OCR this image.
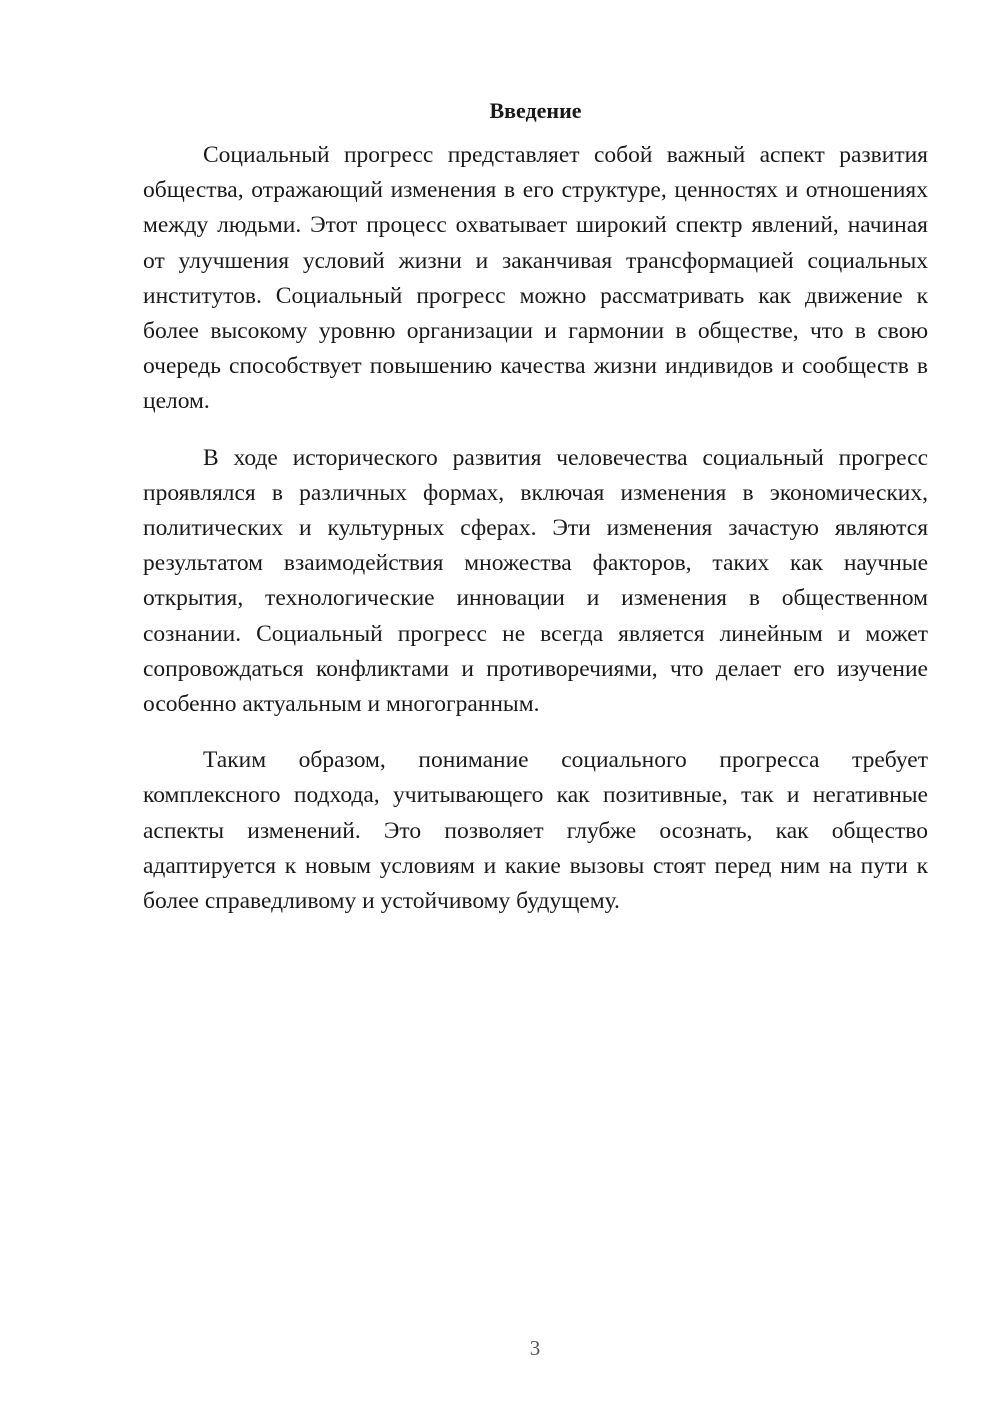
Введение

Социальный прогресс представляет собой важный аспект развития общества, отражающий изменения в его структуре, ценностях и отношениях между людьми. Этот процесс охватывает широкий спектр явлений, начиная от улучшения условий жизни и заканчивая трансформацией социальных институтов. Социальный прогресс можно рассматривать как движение к более высокому уровню организации и гармонии в обществе, что в свою очередь способствует повышению качества жизни индивидов и сообществ в целом.

В ходе исторического развития человечества социальный прогресс проявлялся в различных формах, включая изменения в экономических, политических и культурных сферах. Эти изменения зачастую являются результатом взаимодействия множества факторов, таких как научные открытия, технологические инновации и изменения в общественном сознании. Социальный прогресс не всегда является линейным и может сопровождаться конфликтами и противоречиями, что делает его изучение особенно актуальным и многогранным.

Таким образом, понимание социального прогресса требует комплексного подхода, учитывающего как позитивные, так и негативные аспекты изменений. Это позволяет глубже осознать, как общество адаптируется к новым условиям и какие вызовы стоят перед ним на пути к более справедливому и устойчивому будущему.

3
